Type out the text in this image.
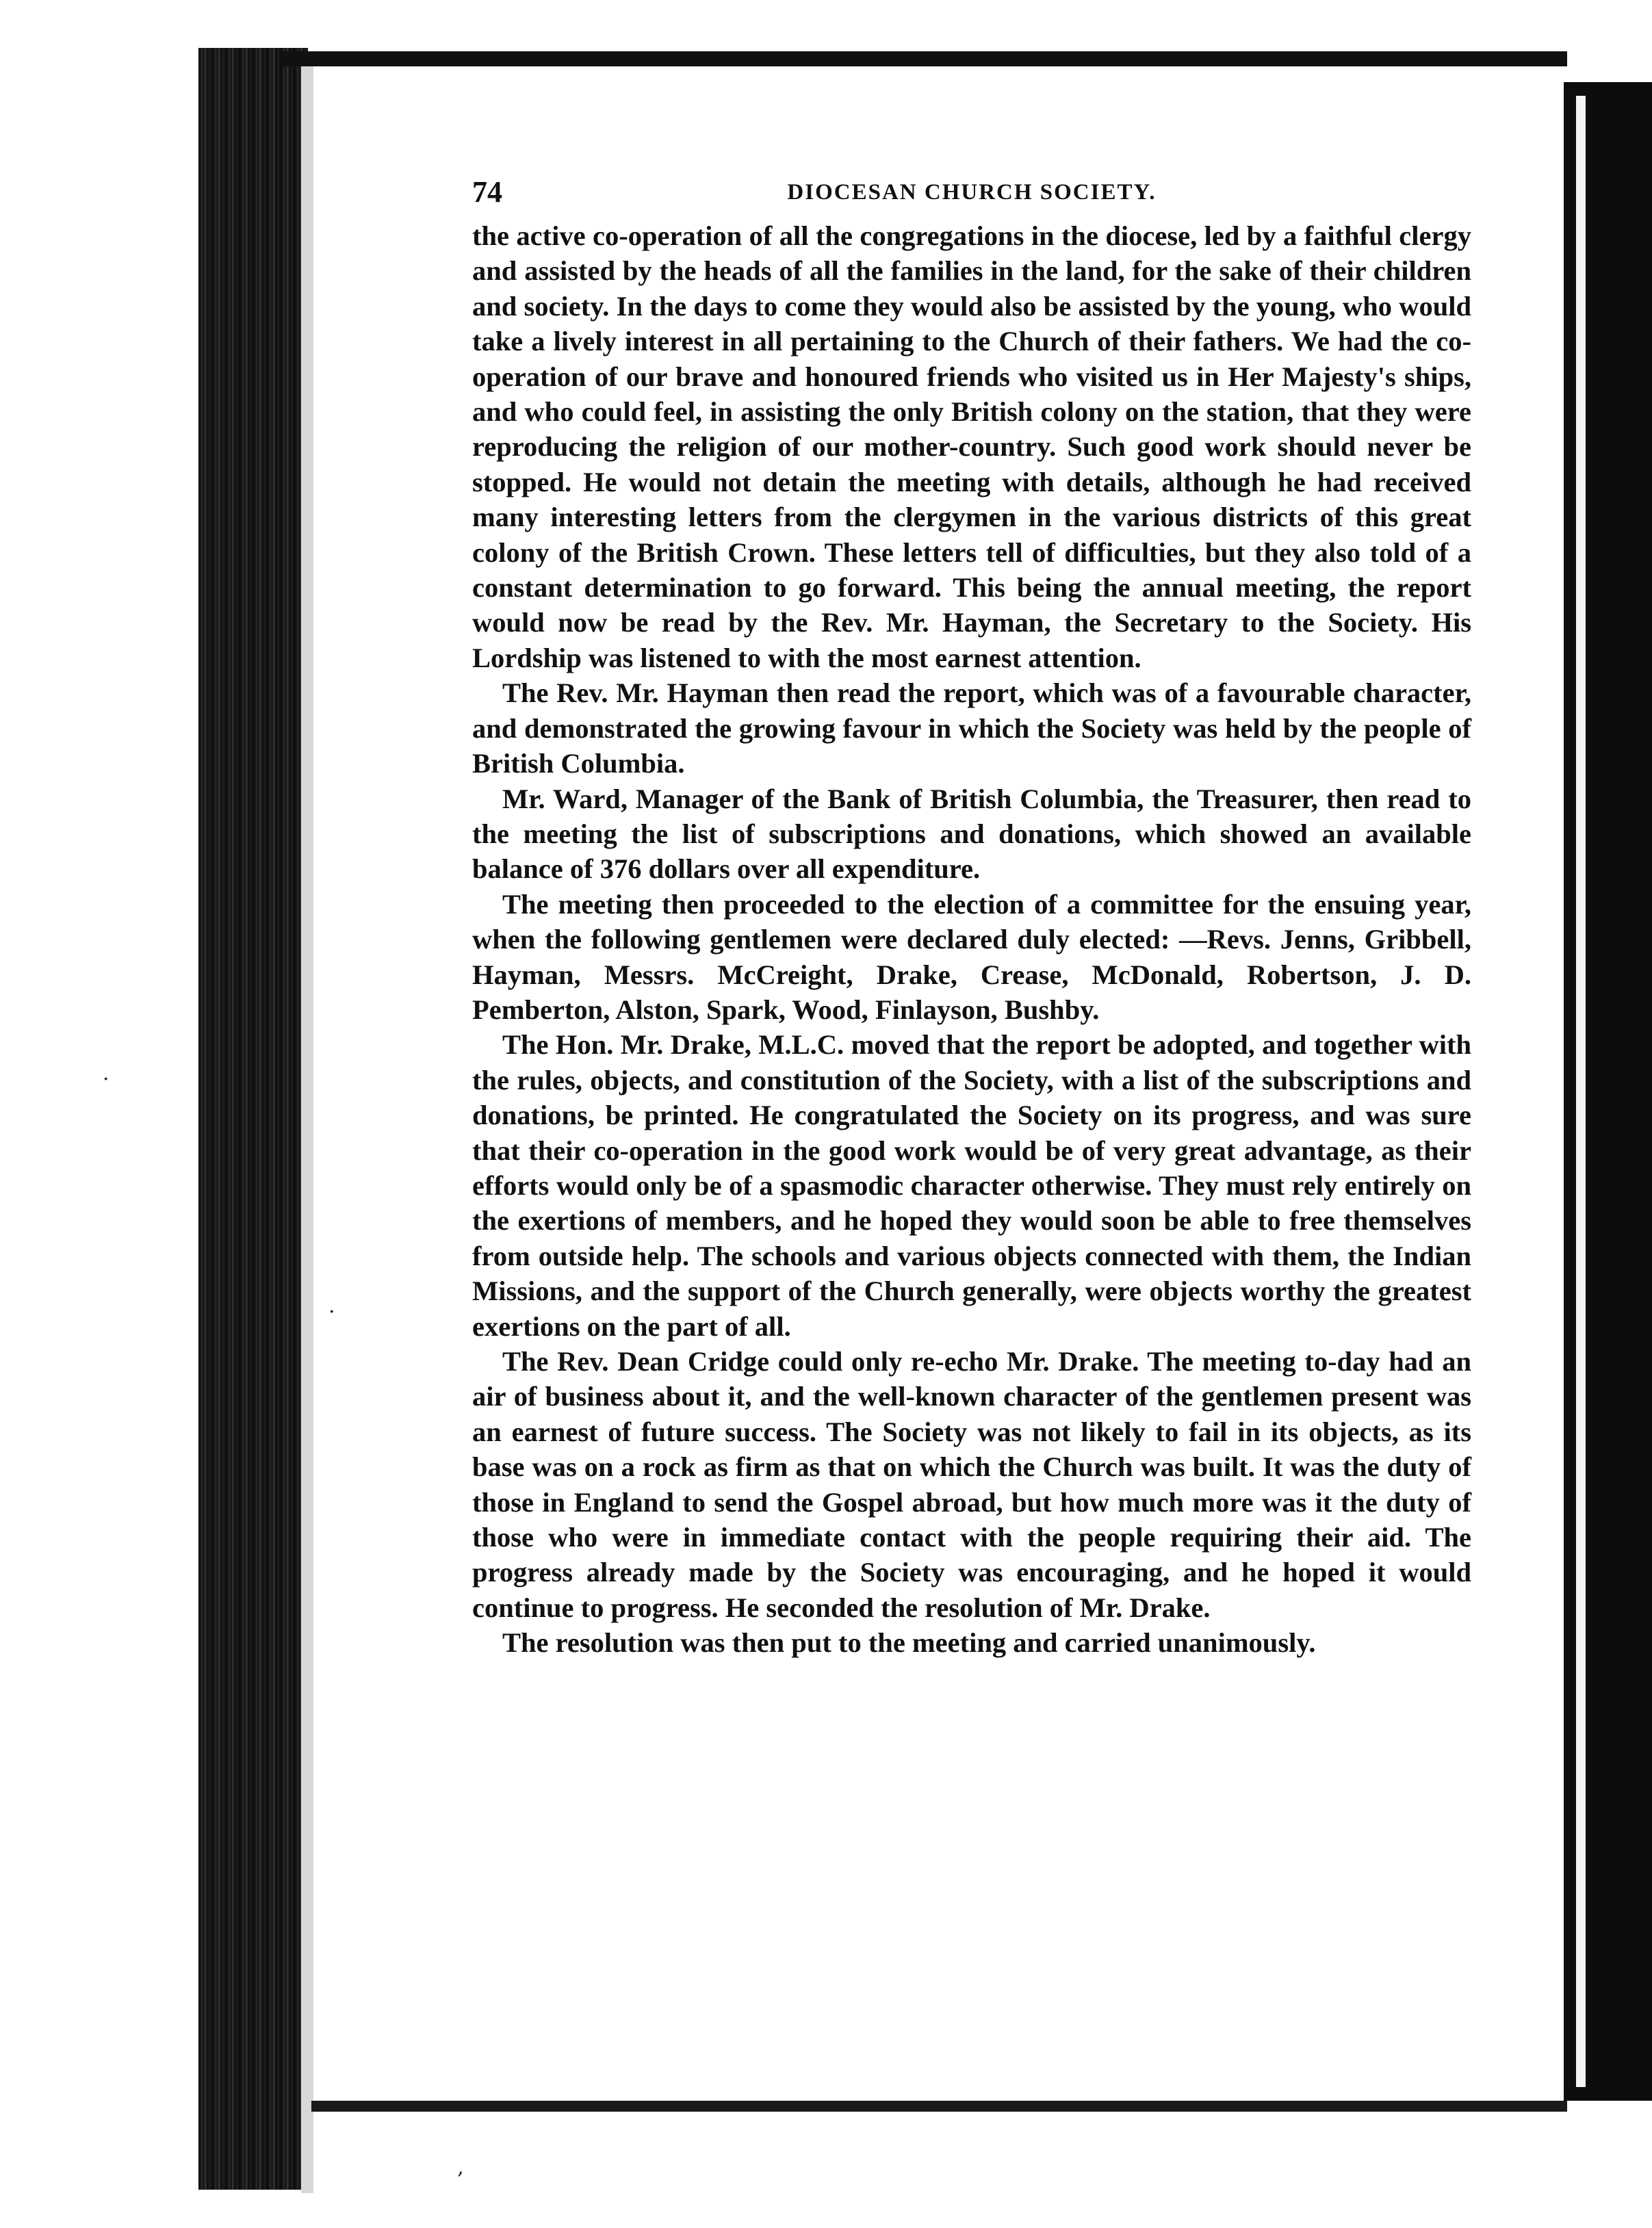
·
·
‚
74	DIOCESAN CHURCH SOCIETY.

the active co-operation of all the congregations in the diocese, led by a faithful clergy and assisted by the heads of all the families in the land, for the sake of their children and society. In the days to come they would also be assisted by the young, who would take a lively interest in all pertaining to the Church of their fathers. We had the co-operation of our brave and honoured friends who visited us in Her Majesty's ships, and who could feel, in assisting the only British colony on the station, that they were reproducing the religion of our mother-country. Such good work should never be stopped. He would not detain the meeting with details, although he had received many interesting letters from the clergymen in the various districts of this great colony of the British Crown. These letters tell of difficulties, but they also told of a constant determination to go forward. This being the annual meeting, the report would now be read by the Rev. Mr. Hayman, the Secretary to the Society. His Lordship was listened to with the most earnest attention.

The Rev. Mr. Hayman then read the report, which was of a favourable character, and demonstrated the growing favour in which the Society was held by the people of British Columbia.

Mr. Ward, Manager of the Bank of British Columbia, the Treasurer, then read to the meeting the list of subscriptions and donations, which showed an available balance of 376 dollars over all expenditure.

The meeting then proceeded to the election of a committee for the ensuing year, when the following gentlemen were declared duly elected: —Revs. Jenns, Gribbell, Hayman, Messrs. McCreight, Drake, Crease, McDonald, Robertson, J. D. Pemberton, Alston, Spark, Wood, Finlayson, Bushby.

The Hon. Mr. Drake, M.L.C. moved that the report be adopted, and together with the rules, objects, and constitution of the Society, with a list of the subscriptions and donations, be printed. He congratulated the Society on its progress, and was sure that their co-operation in the good work would be of very great advantage, as their efforts would only be of a spasmodic character otherwise. They must rely entirely on the exertions of members, and he hoped they would soon be able to free themselves from outside help. The schools and various objects connected with them, the Indian Missions, and the support of the Church generally, were objects worthy the greatest exertions on the part of all.

The Rev. Dean Cridge could only re-echo Mr. Drake. The meeting to-day had an air of business about it, and the well-known character of the gentlemen present was an earnest of future success. The Society was not likely to fail in its objects, as its base was on a rock as firm as that on which the Church was built. It was the duty of those in England to send the Gospel abroad, but how much more was it the duty of those who were in immediate contact with the people requiring their aid. The progress already made by the Society was encouraging, and he hoped it would continue to progress. He seconded the resolution of Mr. Drake.

The resolution was then put to the meeting and carried unanimously.
